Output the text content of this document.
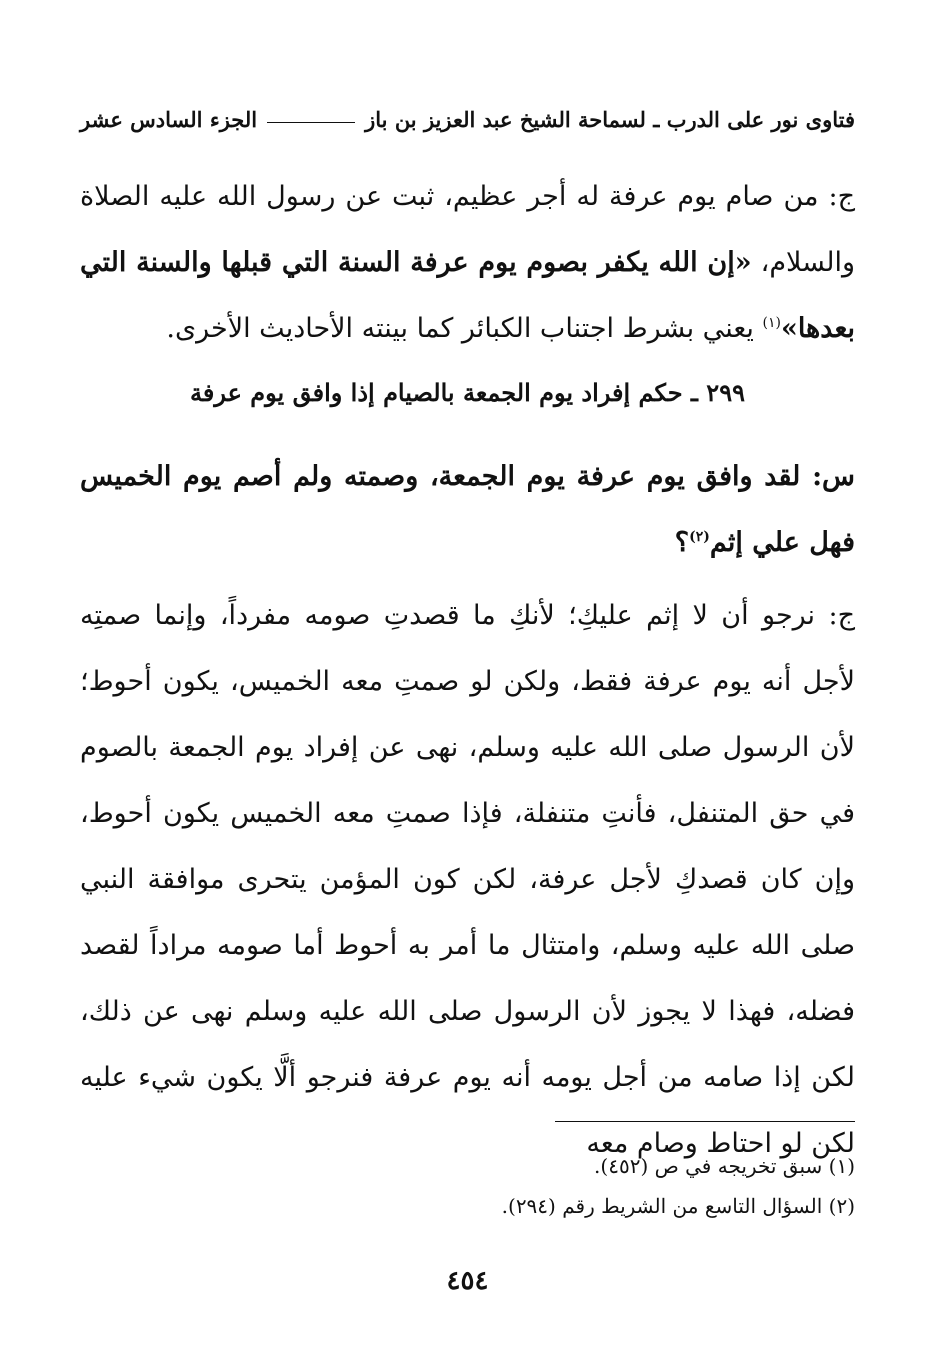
فتاوى نور على الدرب ـ لسماحة الشيخ عبد العزيز بن باز
الجزء السادس عشر

ج: من صام يوم عرفة له أجر عظيم، ثبت عن رسول الله عليه الصلاة والسلام، «إن الله يكفر بصوم يوم عرفة السنة التي قبلها والسنة التي بعدها»$^{(١)}$ يعني بشرط اجتناب الكبائر كما بينته الأحاديث الأخرى.

٢٩٩ ـ حكم إفراد يوم الجمعة بالصيام إذا وافق يوم عرفة

س: لقد وافق يوم عرفة يوم الجمعة، وصمته ولم أصم يوم الخميس فهل علي إثم$^{(٢)}$؟

ج: نرجو أن لا إثم عليكِ؛ لأنكِ ما قصدتِ صومه مفرداً، وإنما صمتِه لأجل أنه يوم عرفة فقط، ولكن لو صمتِ معه الخميس، يكون أحوط؛ لأن الرسول صلى الله عليه وسلم، نهى عن إفراد يوم الجمعة بالصوم في حق المتنفل، فأنتِ متنفلة، فإذا صمتِ معه الخميس يكون أحوط، وإن كان قصدكِ لأجل عرفة، لكن كون المؤمن يتحرى موافقة النبي صلى الله عليه وسلم، وامتثال ما أمر به أحوط أما صومه مراداً لقصد فضله، فهذا لا يجوز لأن الرسول صلى الله عليه وسلم نهى عن ذلك، لكن إذا صامه من أجل يومه أنه يوم عرفة فنرجو ألَّا يكون شيء عليه لكن لو احتاط وصام معه

(١) سبق تخريجه في ص (٤٥٢).
(٢) السؤال التاسع من الشريط رقم (٢٩٤).
٤٥٤
